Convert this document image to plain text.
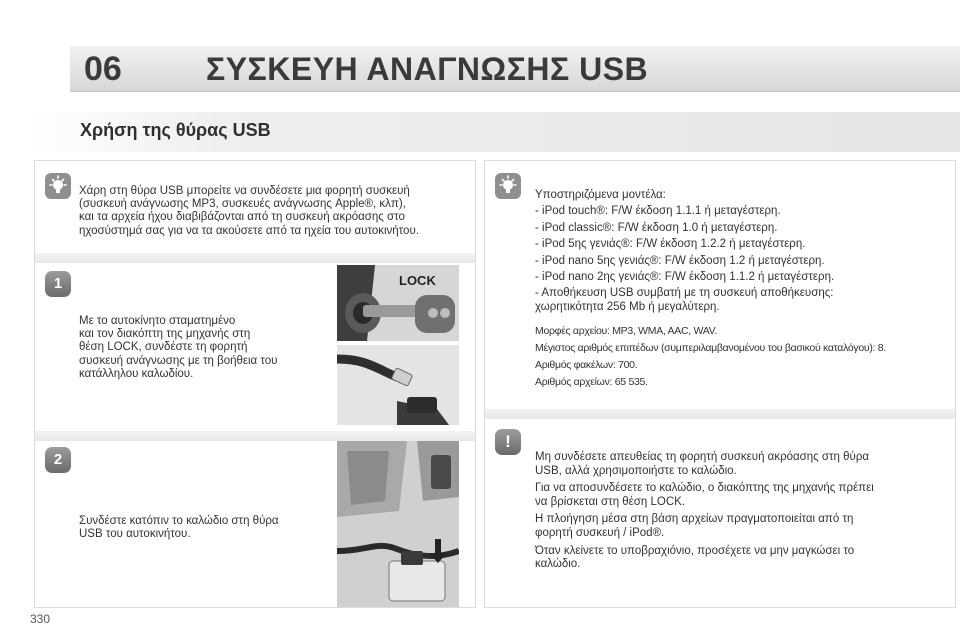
06	ΣΥΣΚΕΥΗ ΑΝΑΓΝΩΣΗΣ USB
Χρήση της θύρας USB

Χάρη στη θύρα USB μπορείτε να συνδέσετε μια φορητή συσκευή

(συσκευή ανάγνωσης MP3, συσκευές ανάγνωσης Apple®, κλπ),

και τα αρχεία ήχου διαβιβάζονται από τη συσκευή ακρόασης στο

ηχοσύστημά σας για να τα ακούσετε από τα ηχεία του αυτοκινήτου.

1

Με το αυτοκίνητο σταματημένο

και τον διακόπτη της μηχανής στη

θέση LOCK, συνδέστε τη φορητή

συσκευή ανάγνωσης με τη βοήθεια του

κατάλληλου καλωδίου.

LOCK
2

Συνδέστε κατόπιν το καλώδιο στη θύρα

USB του αυτοκινήτου.

Υποστηριζόμενα μοντέλα:

- iPod touch®: F/W έκδοση 1.1.1 ή μεταγέστερη.

- iPod classic®: F/W έκδοση 1.0 ή μεταγέστερη.

- iPod 5ης γενιάς®: F/W έκδοση 1.2.2 ή μεταγέστερη.

- iPod nano 5ης γενιάς®: F/W έκδοση 1.2 ή μεταγέστερη.

- iPod nano 2ης γενιάς®: F/W έκδοση 1.1.2 ή μεταγέστερη.

- Αποθήκευση USB συμβατή με τη συσκευή αποθήκευσης:

χωρητικότητα 256 Mb ή μεγαλύτερη.

Μορφές αρχείου: MP3, WMA, AAC, WAV.

Μέγιστος αριθμός επιπέδων (συμπεριλαμβανομένου του βασικού καταλόγου): 8.

Αριθμός φακέλων: 700.

Αριθμός αρχείων: 65 535.

!

Μη συνδέσετε απευθείας τη φορητή συσκευή ακρόασης στη θύρα

USB, αλλά χρησιμοποιήστε το καλώδιο.

Για να αποσυνδέσετε το καλώδιο, ο διακόπτης της μηχανής πρέπει

να βρίσκεται στη θέση LOCK.

Η πλοήγηση μέσα στη βάση αρχείων πραγματοποιείται από τη

φορητή συσκευή / iPod®.

Όταν κλείνετε το υποβραχιόνιο, προσέχετε να μην μαγκώσει το

καλώδιο.

330
